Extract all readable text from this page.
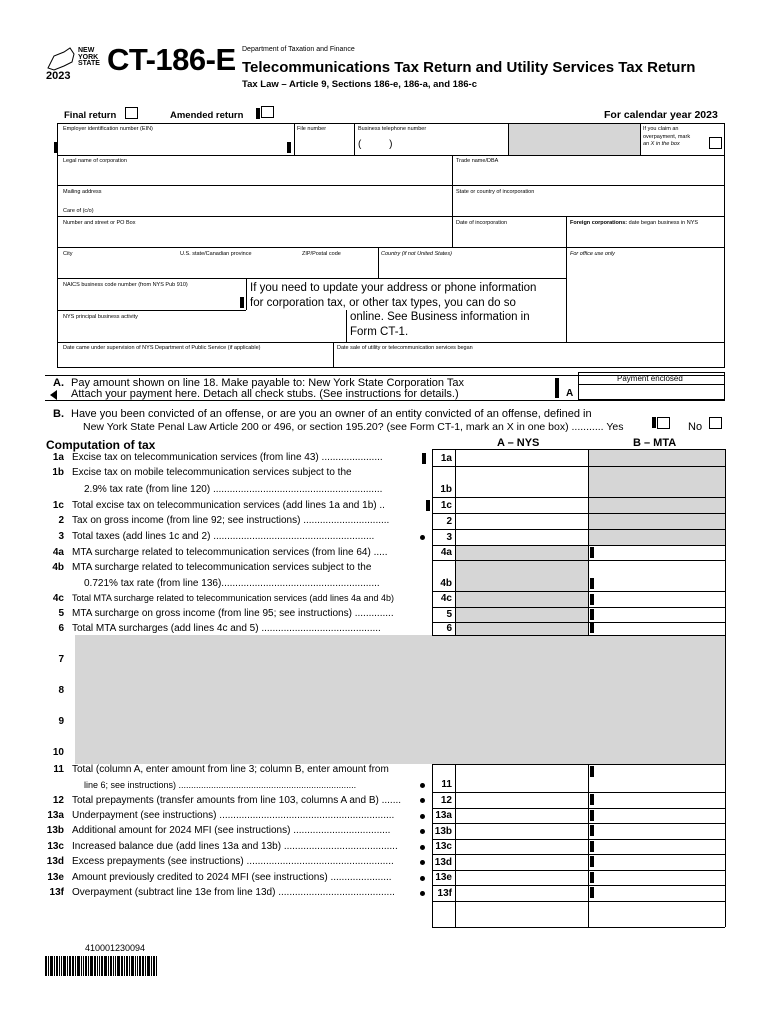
NEW
YORK
STATE
2023 CT-186-E Department of Taxation and Finance
Telecommunications Tax Return and Utility Services Tax Return
Tax Law – Article 9, Sections 186-e, 186-a, and 186-c
Final return	Amended return	For calendar year 2023
Employer identification number (EIN)	File number	Business telephone number
(          )
If you claim an
overpayment, mark
an X in the box
Legal name of corporation	Trade name/DBA
Mailing address	State or country of incorporation
Care of (c/o)
Number and street or PO Box	Date of incorporation	Foreign corporations: date began business in NYS
City	U.S. state/Canadian province	ZIP/Postal code	Country (if not United States)	For office use only
NAICS business code number (from NYS Pub 910)
NYS principal business activity
If you need to update your address or phone information
for corporation tax, or other tax types, you can do so
online. See Business information in
Form CT-1.
Date came under supervision of NYS Department of Public Service (if applicable)	Date sale of utility or telecommunication services began
A. Pay amount shown on line 18. Make payable to: New York State Corporation Tax
Attach your payment here. Detach all check stubs. (See instructions for details.)	A
Payment enclosed
B. Have you been convicted of an offense, or are you an owner of an entity convicted of an offense, defined in
New York State Penal Law Article 200 or 496, or section 195.20? (see Form CT-1, mark an X in one box) ........... Yes	No
Computation of tax	A – NYS	B – MTA
1a Excise tax on telecommunication services (from line 43) ......................	1a
1b Excise tax on mobile telecommunication services subject to the
2.9% tax rate (from line 120) .............................................................	1b
1c Total excise tax on telecommunication services (add lines 1a and 1b) ..	1c
2 Tax on gross income (from line 92; see instructions) ...............................	2
3 Total taxes (add lines 1c and 2) ..........................................................	3
4a MTA surcharge related to telecommunication services (from line 64) .....	4a
4b MTA surcharge related to telecommunication services subject to the
0.721% tax rate (from line 136).........................................................	4b
4c Total MTA surcharge related to telecommunication services (add lines 4a and 4b)	4c
5 MTA surcharge on gross income (from line 95; see instructions) ..............	5
6 Total MTA surcharges (add lines 4c and 5) ...........................................	6
7
8
9
10
11 Total (column A, enter amount from line 3; column B, enter amount from
line 6; see instructions) .......................................................................	11
12 Total prepayments (transfer amounts from line 103, columns A and B) .......	12
13a Underpayment (see instructions) ...............................................................	13a
13b Additional amount for 2024 MFI (see instructions) ...................................	13b
13c Increased balance due (add lines 13a and 13b) .........................................	13c
13d Excess prepayments (see instructions) .....................................................	13d
13e Amount previously credited to 2024 MFI (see instructions) ......................	13e
13f Overpayment (subtract line 13e from line 13d) ..........................................	13f
410001230094
